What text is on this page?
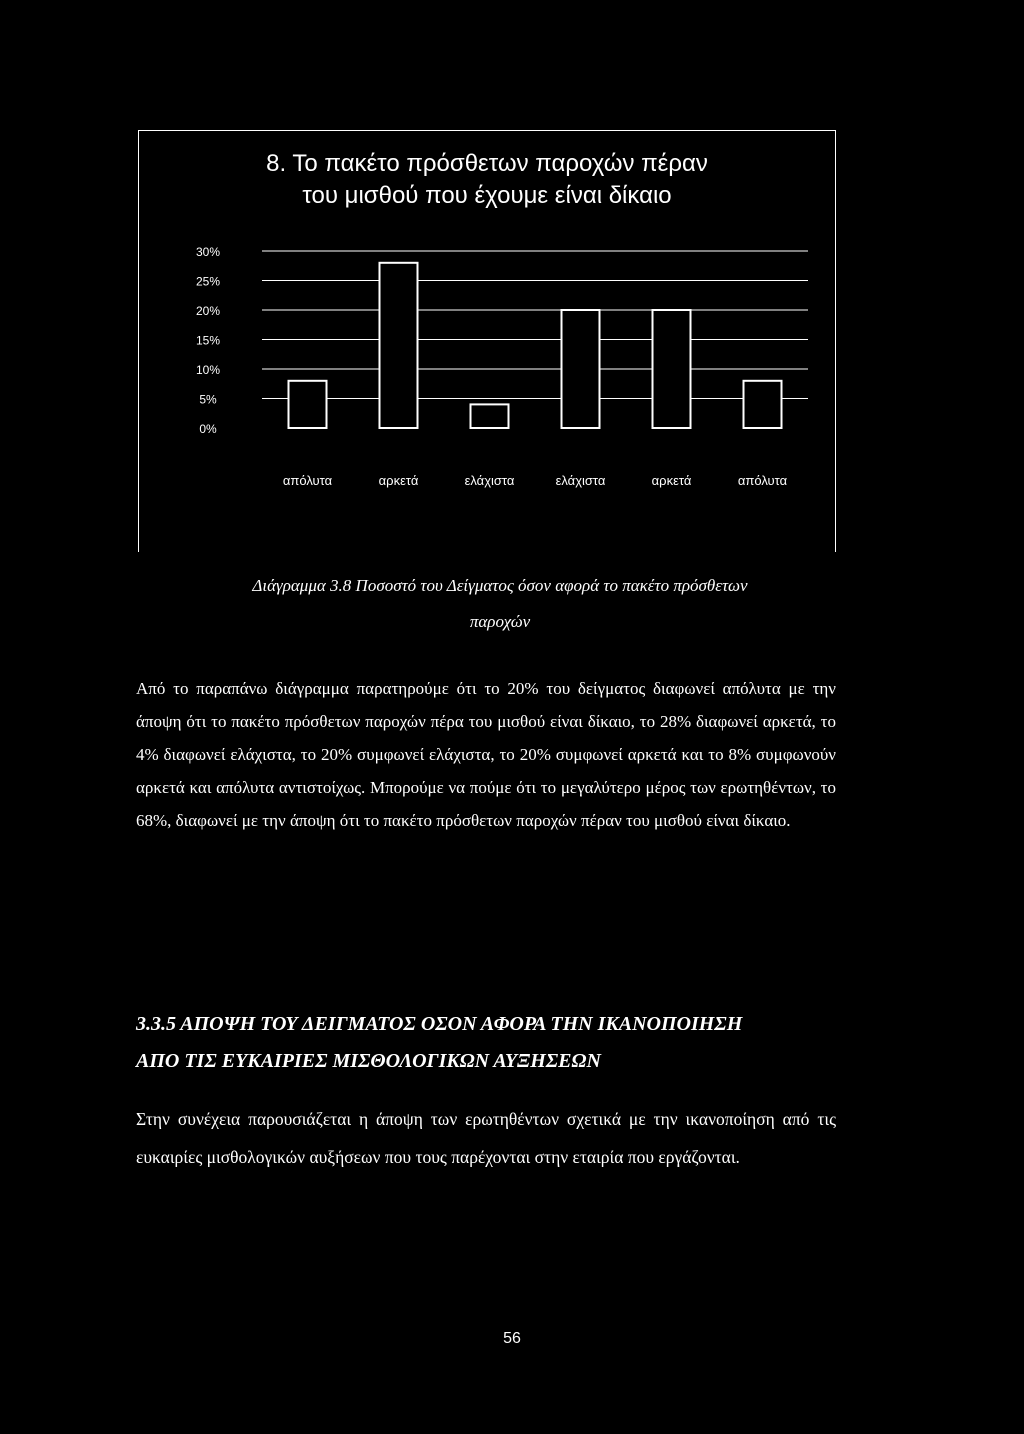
8. Το πακέτο πρόσθετων παροχών πέραν
του μισθού που έχουμε είναι δίκαιο
30%
25%
20%
15%
10%
5%
0%
απόλυτα	αρκετά	ελάχιστα	ελάχιστα	αρκετά	απόλυτα

Διάγραμμα 3.8 Ποσοστό του Δείγματος όσον αφορά το πακέτο πρόσθετων
παροχών

Από το παραπάνω διάγραμμα παρατηρούμε ότι το 20% του δείγματος διαφωνεί απόλυτα με την άποψη ότι το πακέτο πρόσθετων παροχών πέρα του μισθού είναι δίκαιο, το 28% διαφωνεί αρκετά, το 4% διαφωνεί ελάχιστα, το 20% συμφωνεί ελάχιστα, το 20% συμφωνεί αρκετά και το 8% συμφωνούν αρκετά και απόλυτα αντιστοίχως. Μπορούμε να πούμε ότι το μεγαλύτερο μέρος των ερωτηθέντων, το 68%, διαφωνεί με την άποψη ότι το πακέτο πρόσθετων παροχών πέραν του μισθού είναι δίκαιο.

3.3.5 ΑΠΟΨΗ ΤΟΥ ΔΕΙΓΜΑΤΟΣ ΟΣΟΝ ΑΦΟΡΑ ΤΗΝ ΙΚΑΝΟΠΟΙΗΣΗ
ΑΠΟ ΤΙΣ ΕΥΚΑΙΡΙΕΣ ΜΙΣΘΟΛΟΓΙΚΩΝ ΑΥΞΗΣΕΩΝ

Στην συνέχεια παρουσιάζεται η άποψη των ερωτηθέντων σχετικά με την ικανοποίηση από τις ευκαιρίες μισθολογικών αυξήσεων που τους παρέχονται στην εταιρία που εργάζονται.

56
